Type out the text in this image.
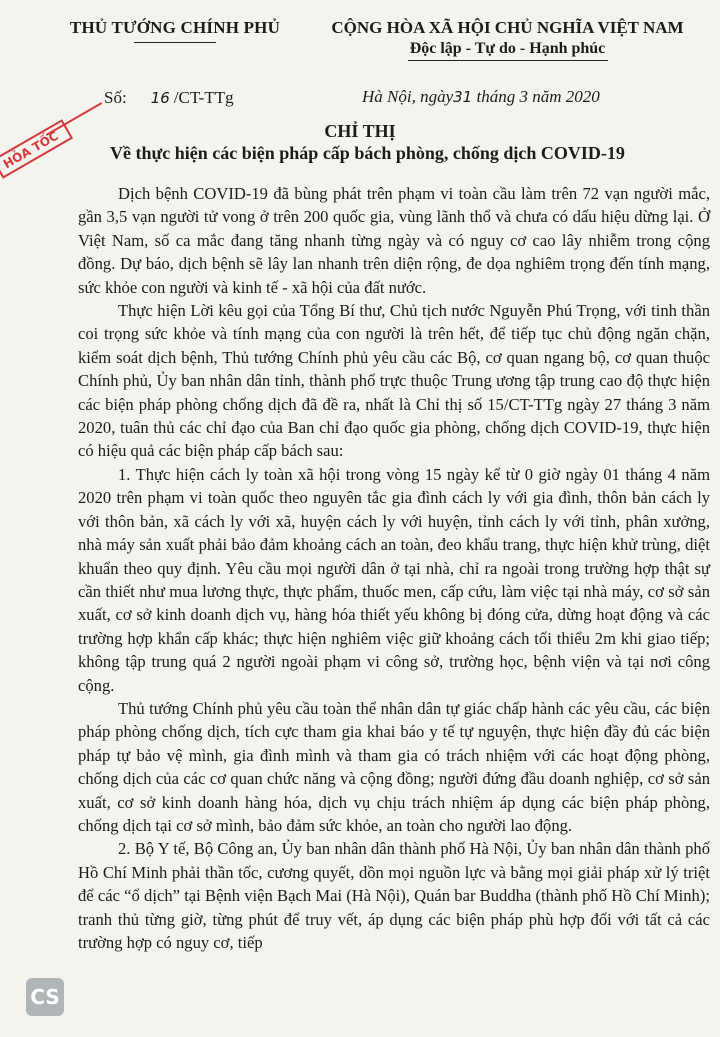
THỦ TƯỚNG CHÍNH PHỦ	CỘNG HÒA XÃ HỘI CHỦ NGHĨA VIỆT NAM
Độc lập - Tự do - Hạnh phúc
Số: 16 /CT-TTg	Hà Nội, ngày31 tháng 3 năm 2020
HỎA TỐC	CHỈ THỊ
Về thực hiện các biện pháp cấp bách phòng, chống dịch COVID-19

Dịch bệnh COVID-19 đã bùng phát trên phạm vi toàn cầu làm trên 72 vạn người mắc, gần 3,5 vạn người tử vong ở trên 200 quốc gia, vùng lãnh thổ và chưa có dấu hiệu dừng lại. Ở Việt Nam, số ca mắc đang tăng nhanh từng ngày và có nguy cơ cao lây nhiễm trong cộng đồng. Dự báo, dịch bệnh sẽ lây lan nhanh trên diện rộng, đe dọa nghiêm trọng đến tính mạng, sức khỏe con người và kinh tế - xã hội của đất nước.

Thực hiện Lời kêu gọi của Tổng Bí thư, Chủ tịch nước Nguyễn Phú Trọng, với tinh thần coi trọng sức khỏe và tính mạng của con người là trên hết, để tiếp tục chủ động ngăn chặn, kiểm soát dịch bệnh, Thủ tướng Chính phủ yêu cầu các Bộ, cơ quan ngang bộ, cơ quan thuộc Chính phủ, Ủy ban nhân dân tỉnh, thành phố trực thuộc Trung ương tập trung cao độ thực hiện các biện pháp phòng chống dịch đã đề ra, nhất là Chỉ thị số 15/CT-TTg ngày 27 tháng 3 năm 2020, tuân thủ các chỉ đạo của Ban chỉ đạo quốc gia phòng, chống dịch COVID-19, thực hiện có hiệu quả các biện pháp cấp bách sau:

1. Thực hiện cách ly toàn xã hội trong vòng 15 ngày kể từ 0 giờ ngày 01 tháng 4 năm 2020 trên phạm vi toàn quốc theo nguyên tắc gia đình cách ly với gia đình, thôn bản cách ly với thôn bản, xã cách ly với xã, huyện cách ly với huyện, tỉnh cách ly với tỉnh, phân xưởng, nhà máy sản xuất phải bảo đảm khoảng cách an toàn, đeo khẩu trang, thực hiện khử trùng, diệt khuẩn theo quy định. Yêu cầu mọi người dân ở tại nhà, chỉ ra ngoài trong trường hợp thật sự cần thiết như mua lương thực, thực phẩm, thuốc men, cấp cứu, làm việc tại nhà máy, cơ sở sản xuất, cơ sở kinh doanh dịch vụ, hàng hóa thiết yếu không bị đóng cửa, dừng hoạt động và các trường hợp khẩn cấp khác; thực hiện nghiêm việc giữ khoảng cách tối thiểu 2m khi giao tiếp; không tập trung quá 2 người ngoài phạm vi công sở, trường học, bệnh viện và tại nơi công cộng.

Thủ tướng Chính phủ yêu cầu toàn thể nhân dân tự giác chấp hành các yêu cầu, các biện pháp phòng chống dịch, tích cực tham gia khai báo y tế tự nguyện, thực hiện đầy đủ các biện pháp tự bảo vệ mình, gia đình mình và tham gia có trách nhiệm với các hoạt động phòng, chống dịch của các cơ quan chức năng và cộng đồng; người đứng đầu doanh nghiệp, cơ sở sản xuất, cơ sở kinh doanh hàng hóa, dịch vụ chịu trách nhiệm áp dụng các biện pháp phòng, chống dịch tại cơ sở mình, bảo đảm sức khỏe, an toàn cho người lao động.

2. Bộ Y tế, Bộ Công an, Ủy ban nhân dân thành phố Hà Nội, Ủy ban nhân dân thành phố Hồ Chí Minh phải thần tốc, cương quyết, dồn mọi nguồn lực và bằng mọi giải pháp xử lý triệt để các “ổ dịch” tại Bệnh viện Bạch Mai (Hà Nội), Quán bar Buddha (thành phố Hồ Chí Minh); tranh thủ từng giờ, từng phút để truy vết, áp dụng các biện pháp phù hợp đối với tất cả các trường hợp có nguy cơ, tiếp

CS
